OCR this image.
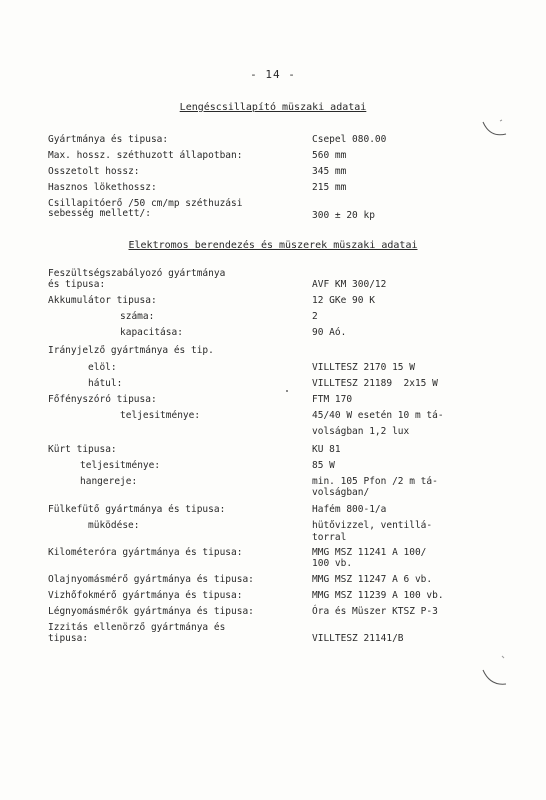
- 14 -
Lengéscsillapító müszaki adatai
Gyártmánya és tipusa:	Csepel 080.00
Max. hossz. széthuzott állapotban:	560 mm
Osszetolt hossz:	345 mm
Hasznos lökethossz:	215 mm
Csillapitóerő /50 cm/mp széthuzási
sebesség mellett/:	300 ± 20 kp
Elektromos berendezés és müszerek müszaki adatai
Feszültségszabályozó gyártmánya
és tipusa:	AVF KM 300/12
Akkumulátor tipusa:	12 GKe 90 K
száma:	2
kapacitása:	90 Aó.
Irányjelző gyártmánya és tip.
elöl:	VILLTESZ 2170 15 W
hátul:	VILLTESZ 21189  2x15 W
Főfényszóró tipusa:	FTM 170
teljesitménye:	45/40 W esetén 10 m tá-
volságban 1,2 lux
Kürt tipusa:	KU 81
teljesitménye:	85 W
hangereje:	min. 105 Pfon /2 m tá-
volságban/
Fülkefütő gyártmánya és tipusa:	Hafém 800-1/a
müködése:	hütővizzel, ventillá-
torral
Kilométeróra gyártmánya és tipusa:	MMG MSZ 11241 A 100/
100 vb.
Olajnyomásmérő gyártmánya és tipusa:	MMG MSZ 11247 A 6 vb.
Vizhőfokmérő gyártmánya és tipusa:	MMG MSZ 11239 A 100 vb.
Légnyomásmérők gyártmánya és tipusa:	Óra és Müszer KTSZ P-3
Izzitás ellenörző gyártmánya és
tipusa:	VILLTESZ 21141/B
